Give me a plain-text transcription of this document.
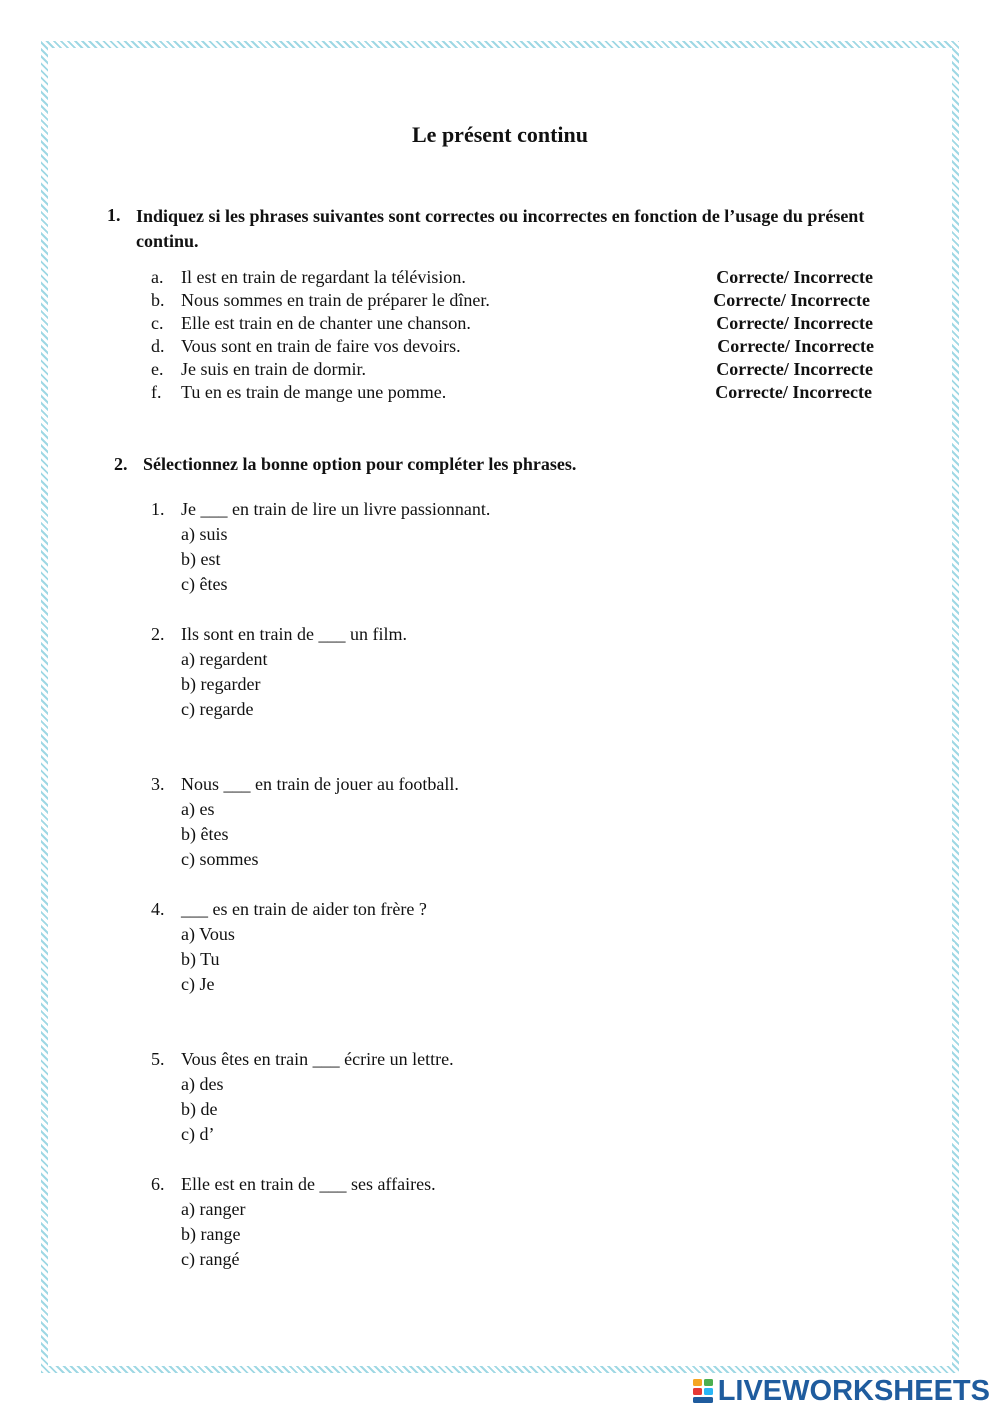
Le présent continu
1. Indiquez si les phrases suivantes sont correctes ou incorrectes en fonction de l’usage du présent continu.
a. Il est en train de regardant la télévision.	Correcte/ Incorrecte
b. Nous sommes en train de préparer le dîner.	Correcte/ Incorrecte
c. Elle est train en de chanter une chanson.	Correcte/ Incorrecte
d. Vous sont en train de faire vos devoirs.	Correcte/ Incorrecte
e. Je suis en train de dormir.	Correcte/ Incorrecte
f. Tu en es train de mange une pomme.	Correcte/ Incorrecte
2. Sélectionnez la bonne option pour compléter les phrases.
1. Je ___ en train de lire un livre passionnant.
a) suis
b) est
c) êtes
2. Ils sont en train de ___ un film.
a) regardent
b) regarder
c) regarde
3. Nous ___ en train de jouer au football.
a) es
b) êtes
c) sommes
4. ___ es en train de aider ton frère ?
a) Vous
b) Tu
c) Je
5. Vous êtes en train ___ écrire un lettre.
a) des
b) de
c) d’
6. Elle est en train de ___ ses affaires.
a) ranger
b) range
c) rangé
LIVEWORKSHEETS
